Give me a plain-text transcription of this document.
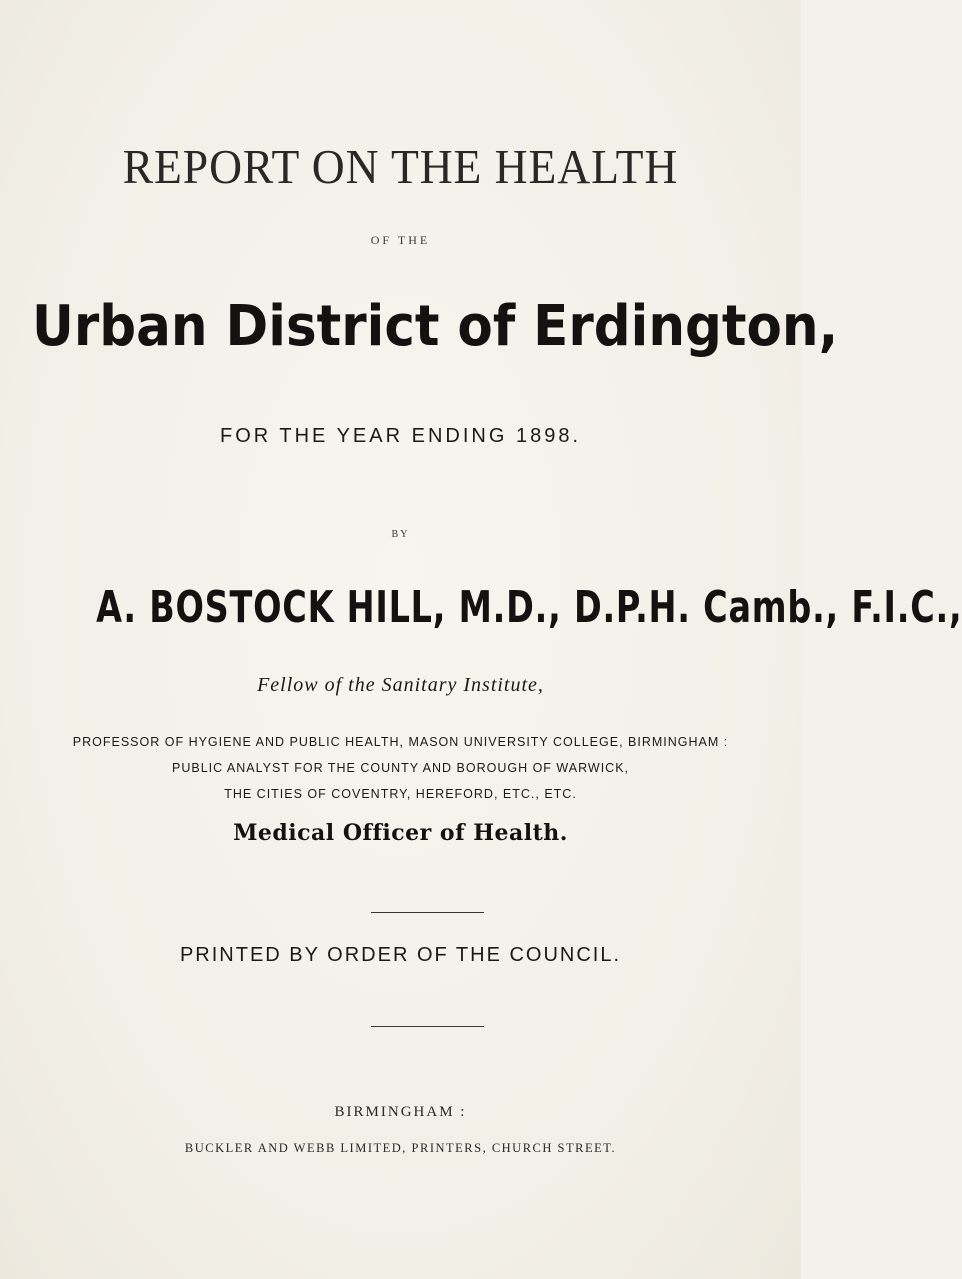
REPORT ON THE HEALTH
OF THE
Urban District of Erdington,
FOR THE YEAR ENDING 1898.
BY
A. BOSTOCK HILL, M.D., D.P.H. Camb., F.I.C.,
Fellow of the Sanitary Institute,
PROFESSOR OF HYGIENE AND PUBLIC HEALTH, MASON UNIVERSITY COLLEGE, BIRMINGHAM :
PUBLIC ANALYST FOR THE COUNTY AND BOROUGH OF WARWICK,
THE CITIES OF COVENTRY, HEREFORD, ETC., ETC.
Medical Officer of Health.
PRINTED BY ORDER OF THE COUNCIL.
BIRMINGHAM :
BUCKLER AND WEBB LIMITED, PRINTERS, CHURCH STREET.
